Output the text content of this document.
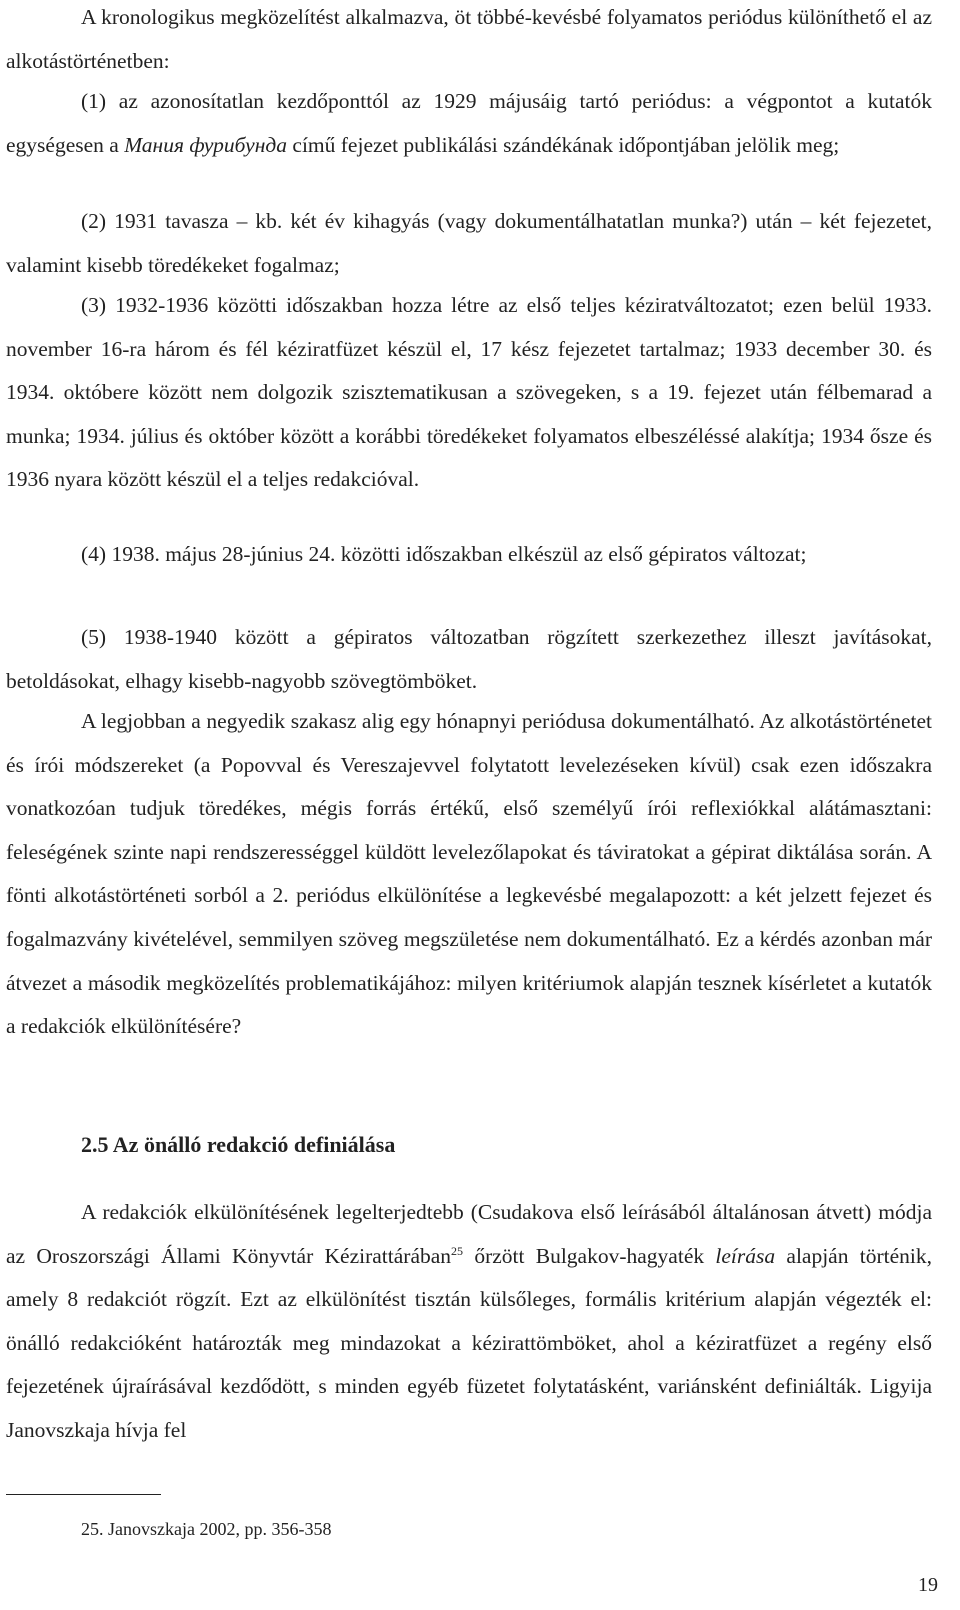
A kronologikus megközelítést alkalmazva, öt többé-kevésbé folyamatos periódus különíthető el az alkotástörténetben:

(1) az azonosítatlan kezdőponttól az 1929 májusáig tartó periódus: a végpontot a kutatók egységesen a Мания фурибунда című fejezet publikálási szándékának időpontjában jelölik meg;

(2) 1931 tavasza – kb. két év kihagyás (vagy dokumentálhatatlan munka?) után – két fejezetet, valamint kisebb töredékeket fogalmaz;

(3) 1932-1936 közötti időszakban hozza létre az első teljes kéziratváltozatot; ezen belül 1933. november 16-ra három és fél kéziratfüzet készül el, 17 kész fejezetet tartalmaz; 1933 december 30. és 1934. októbere között nem dolgozik szisztematikusan a szövegeken, s a 19. fejezet után félbemarad a munka; 1934. július és október között a korábbi töredékeket folyamatos elbeszéléssé alakítja; 1934 ősze és 1936 nyara között készül el a teljes redakcióval.

(4) 1938. május 28-június 24. közötti időszakban elkészül az első gépiratos változat;

(5) 1938-1940 között a gépiratos változatban rögzített szerkezethez illeszt javításokat, betoldásokat, elhagy kisebb-nagyobb szövegtömböket.

A legjobban a negyedik szakasz alig egy hónapnyi periódusa dokumentálható. Az alkotástörténetet és írói módszereket (a Popovval és Vereszajevvel folytatott levelezéseken kívül) csak ezen időszakra vonatkozóan tudjuk töredékes, mégis forrás értékű, első személyű írói reflexiókkal alátámasztani: feleségének szinte napi rendszerességgel küldött levelezőlapokat és táviratokat a gépirat diktálása során. A fönti alkotástörténeti sorból a 2. periódus elkülönítése a legkevésbé megalapozott: a két jelzett fejezet és fogalmazvány kivételével, semmilyen szöveg megszületése nem dokumentálható. Ez a kérdés azonban már átvezet a második megközelítés problematikájához: milyen kritériumok alapján tesznek kísérletet a kutatók a redakciók elkülönítésére?

2.5 Az önálló redakció definiálása

A redakciók elkülönítésének legelterjedtebb (Csudakova első leírásából általánosan átvett) módja az Oroszországi Állami Könyvtár Kézirattárában$^{25}$ őrzött Bulgakov-hagyaték leírása alapján történik, amely 8 redakciót rögzít. Ezt az elkülönítést tisztán külsőleges, formális kritérium alapján végezték el: önálló redakcióként határozták meg mindazokat a kézirattömböket, ahol a kéziratfüzet a regény első fejezetének újraírásával kezdődött, s minden egyéb füzetet folytatásként, variánsként definiálták. Ligyija Janovszkaja hívja fel

25. Janovszkaja 2002, pp. 356-358

19
